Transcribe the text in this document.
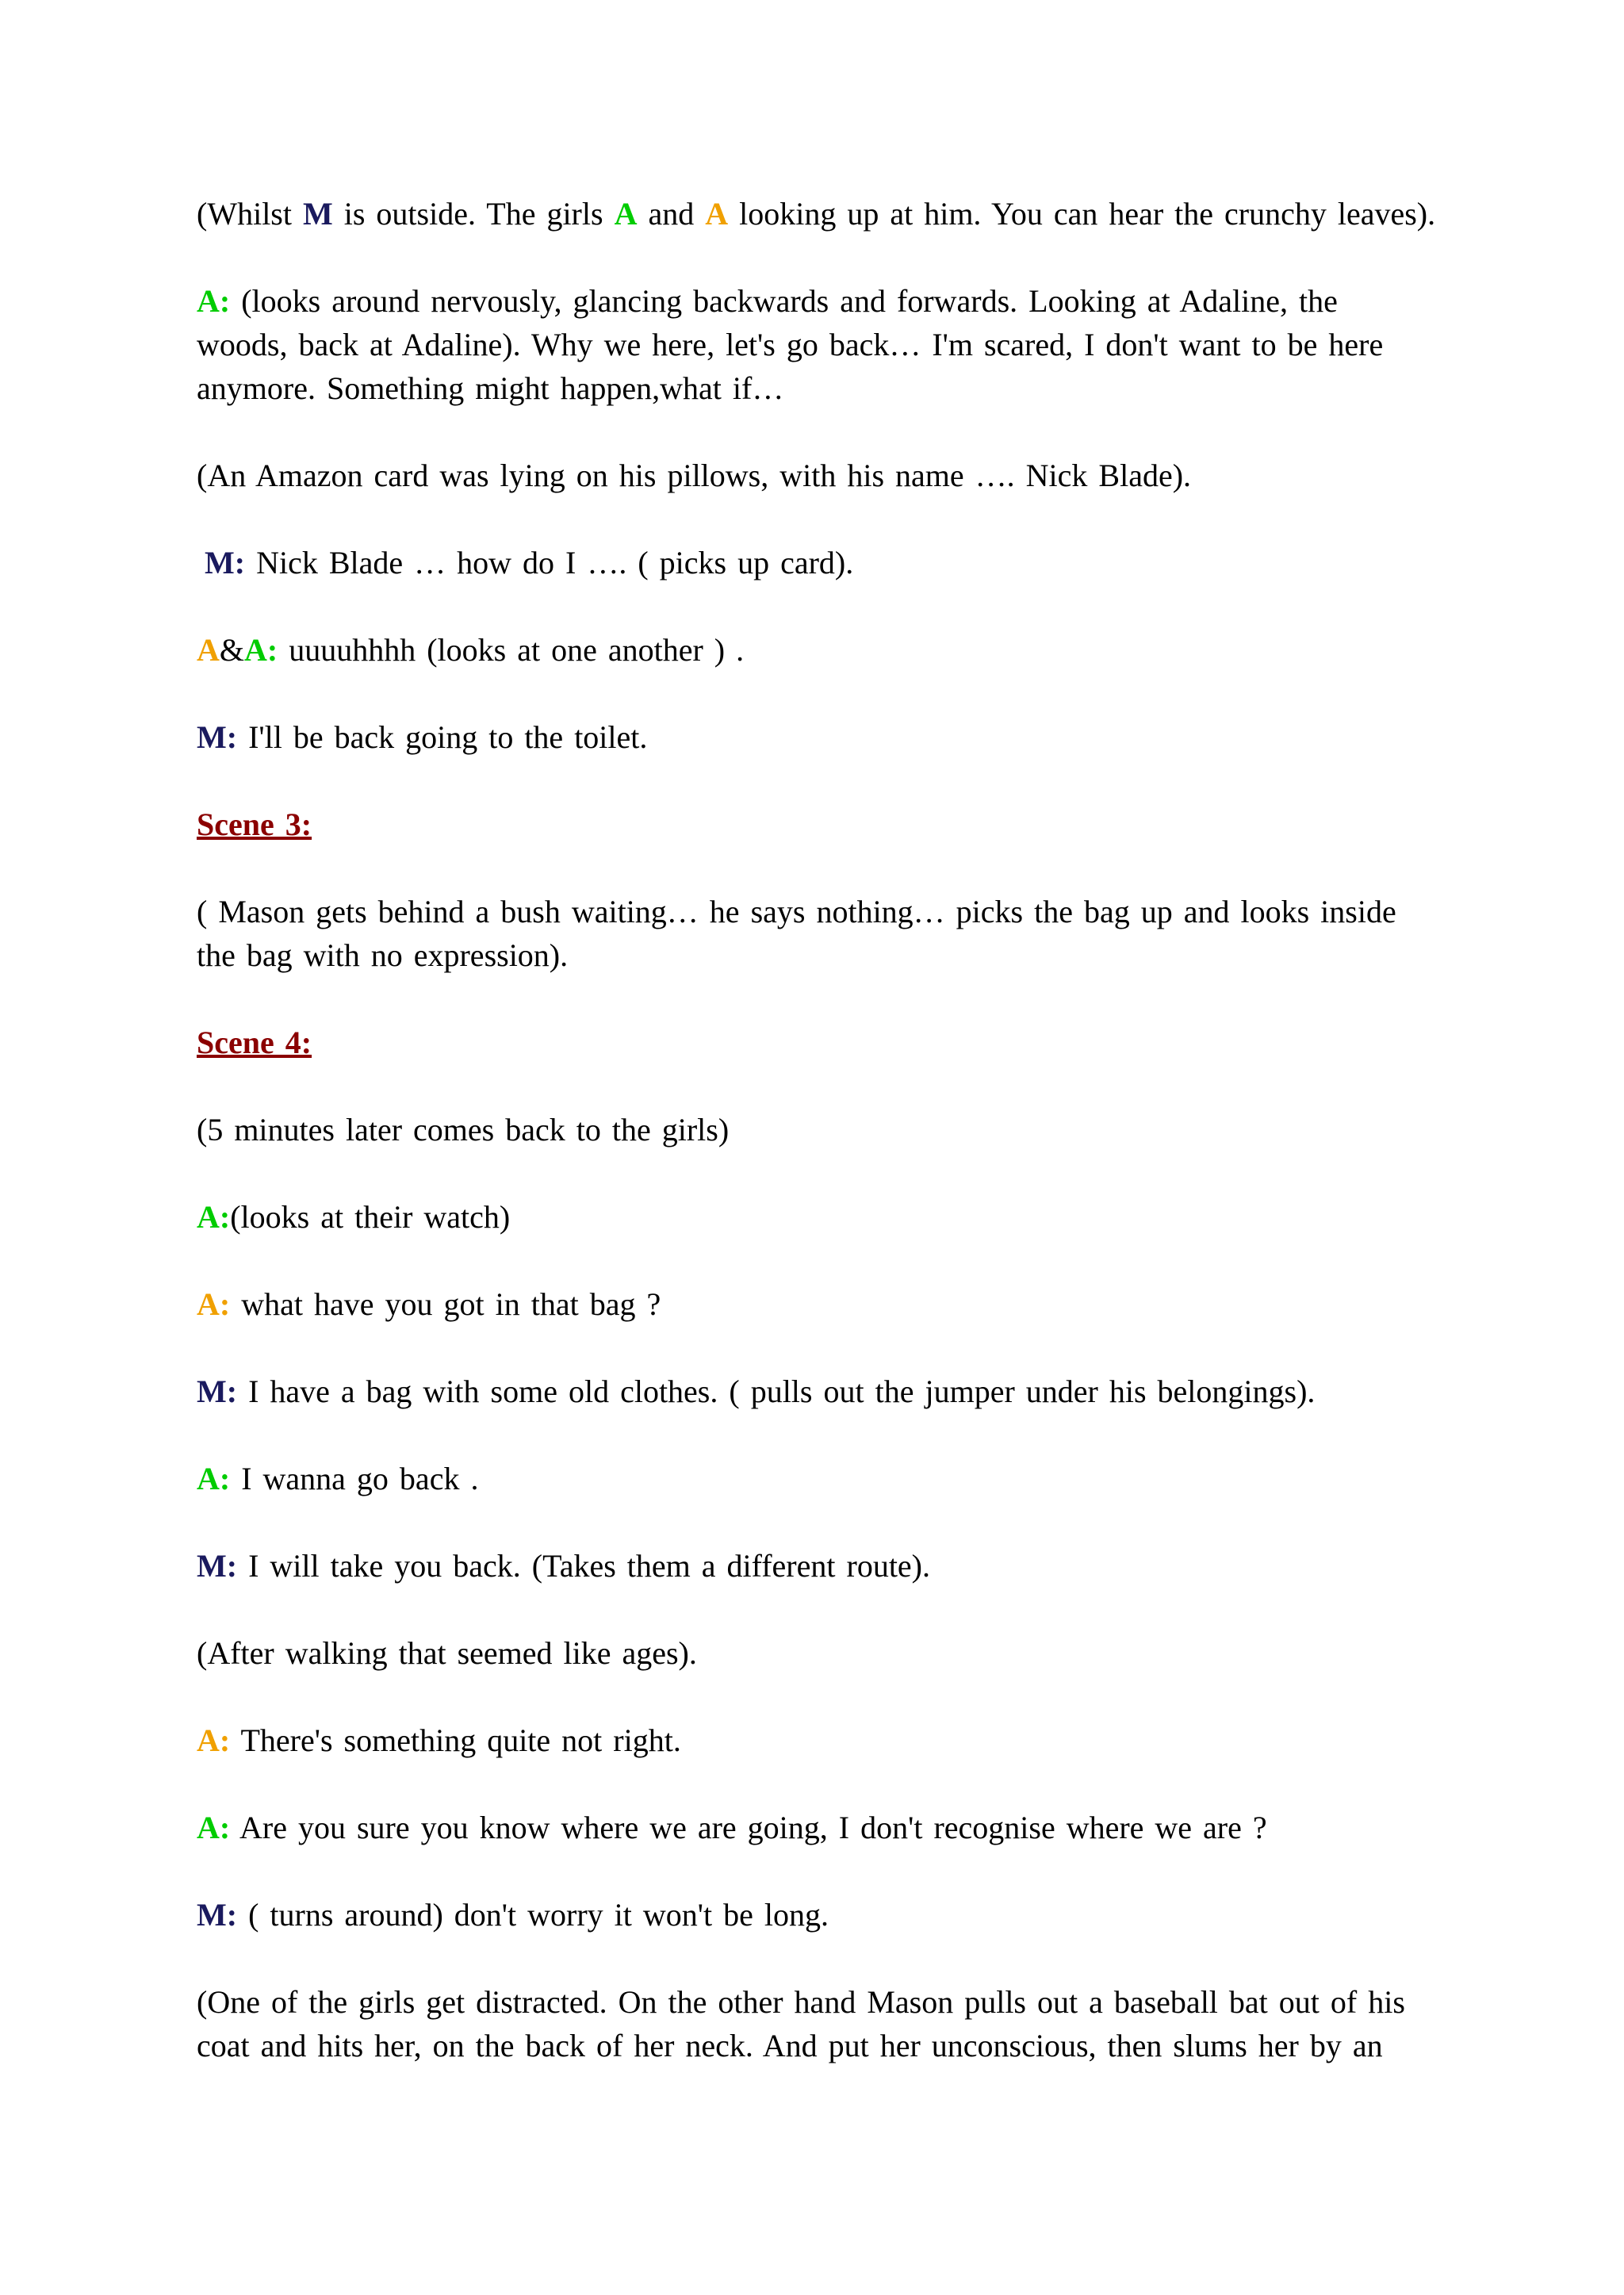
(Whilst M is outside. The girls A and A looking up at him. You can hear the crunchy leaves).
A: (looks around nervously, glancing backwards and forwards. Looking at Adaline, the
woods, back at Adaline). Why we here, let's go back… I'm scared, I don't want to be here
anymore. Something might happen,what if…
(An Amazon card was lying on his pillows, with his name …. Nick Blade).
M: Nick Blade … how do I …. ( picks up card).
A&A: uuuuhhhh (looks at one another ) .
M: I'll be back going to the toilet.
Scene 3:
( Mason gets behind a bush waiting… he says nothing… picks the bag up and looks inside
the bag with no expression).
Scene 4:
(5 minutes later comes back to the girls)
A:(looks at their watch)
A: what have you got in that bag ?
M: I have a bag with some old clothes. ( pulls out the jumper under his belongings).
A: I wanna go back .
M: I will take you back. (Takes them a different route).
(After walking that seemed like ages).
A: There's something quite not right.
A: Are you sure you know where we are going, I don't recognise where we are ?
M: ( turns around) don't worry it won't be long.
(One of the girls get distracted. On the other hand Mason pulls out a baseball bat out of his
coat and hits her, on the back of her neck. And put her unconscious, then slums her by an
